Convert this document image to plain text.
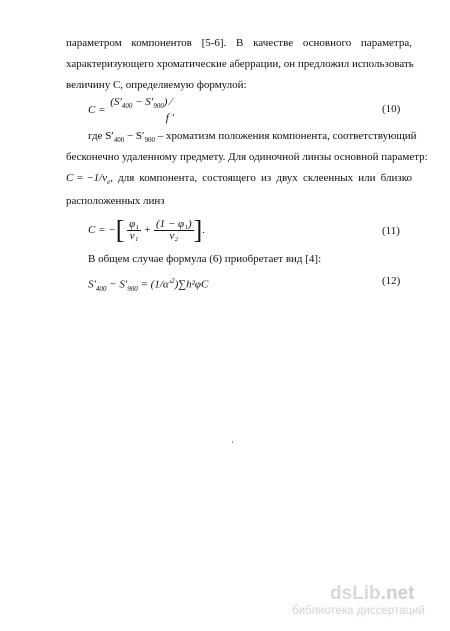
параметром компонентов [5-6]. В качестве основного параметра,
характеризующего хроматические аберрации, он предложил использовать
величину С, определяемую формулой:
C =
$(S'_{400} - S'_{900})$ ⁄
f ′
(10)
где $S'_{400} - S'_{900}$ – хроматизм положения компонента, соответствующий
бесконечно удаленному предмету. Для одиночной линзы основной параметр:
$C = -1/\nu_e$, для компонента, состоящего из двух склеенных или близко
расположенных линз
C = −[ $\frac{\text{φ₁}}{\text{ν₁}} + \frac{\text{(1 − φ₁)}}{\text{ν₂}}$ ].	(11)
В общем случае формула (6) приобретает вид [4]:
$S'_{400} - S'_{900} = (1/\alpha'^2)\sum h^2\varphi C$	(12)
dsLib.net
библиотека диссертаций
